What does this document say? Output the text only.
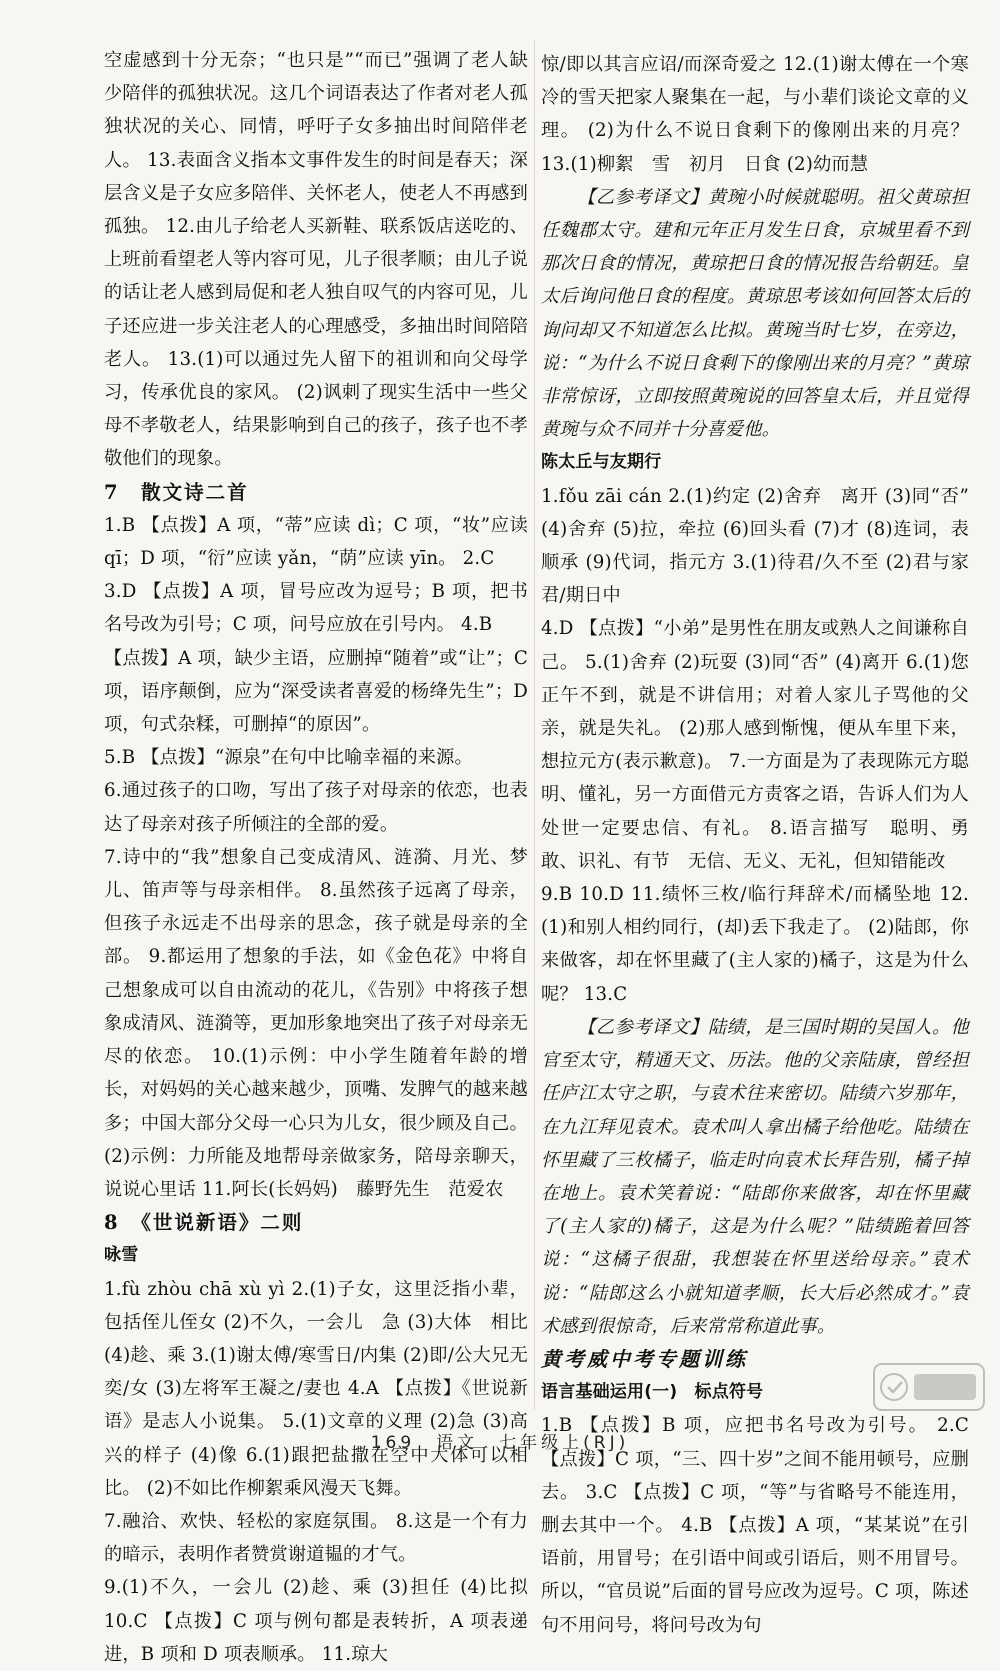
空虚感到十分无奈；“也只是”“而已”强调了老人缺少陪伴的孤独状况。这几个词语表达了作者对老人孤独状况的关心、同情，呼吁子女多抽出时间陪伴老人。 13.表面含义指本文事件发生的时间是春天；深层含义是子女应多陪伴、关怀老人，使老人不再感到孤独。 12.由儿子给老人买新鞋、联系饭店送吃的、上班前看望老人等内容可见，儿子很孝顺；由儿子说的话让老人感到局促和老人独自叹气的内容可见，儿子还应进一步关注老人的心理感受，多抽出时间陪陪老人。 13.(1)可以通过先人留下的祖训和向父母学习，传承优良的家风。 (2)讽刺了现实生活中一些父母不孝敬老人，结果影响到自己的孩子，孩子也不孝敬他们的现象。

7　散文诗二首

1.B 【点拨】A 项，“蒂”应读 dì；C 项，“妆”应读 qī；D 项，“衍”应读 yǎn，“荫”应读 yīn。 2.C

3.D 【点拨】A 项，冒号应改为逗号；B 项，把书名号改为引号；C 项，问号应放在引号内。 4.B

【点拨】A 项，缺少主语，应删掉“随着”或“让”；C 项，语序颠倒，应为“深受读者喜爱的杨绛先生”；D 项，句式杂糅，可删掉“的原因”。

5.B 【点拨】“源泉”在句中比喻幸福的来源。

6.通过孩子的口吻，写出了孩子对母亲的依恋，也表达了母亲对孩子所倾注的全部的爱。

7.诗中的“我”想象自己变成清风、涟漪、月光、梦儿、笛声等与母亲相伴。 8.虽然孩子远离了母亲，但孩子永远走不出母亲的思念，孩子就是母亲的全部。 9.都运用了想象的手法，如《金色花》中将自己想象成可以自由流动的花儿，《告别》中将孩子想象成清风、涟漪等，更加形象地突出了孩子对母亲无尽的依恋。 10.(1)示例：中小学生随着年龄的增长，对妈妈的关心越来越少，顶嘴、发脾气的越来越多；中国大部分父母一心只为儿女，很少顾及自己。 (2)示例：力所能及地帮母亲做家务，陪母亲聊天，说说心里话 11.阿长(长妈妈)　藤野先生　范爱农

8　《世说新语》二则

咏雪

1.fù zhòu chā xù yì 2.(1)子女，这里泛指小辈，包括侄儿侄女 (2)不久，一会儿　急 (3)大体　相比 (4)趁、乘 3.(1)谢太傅/寒雪日/内集 (2)即/公大兄无奕/女 (3)左将军王凝之/妻也 4.A 【点拨】《世说新语》是志人小说集。 5.(1)文章的义理 (2)急 (3)高兴的样子 (4)像 6.(1)跟把盐撒在空中大体可以相比。 (2)不如比作柳絮乘风漫天飞舞。

7.融洽、欢快、轻松的家庭氛围。 8.这是一个有力的暗示，表明作者赞赏谢道韫的才气。

9.(1)不久，一会儿 (2)趁、乘 (3)担任 (4)比拟 10.C 【点拨】C 项与例句都是表转折，A 项表递进，B 项和 D 项表顺承。 11.琼大

惊/即以其言应诏/而深奇爱之 12.(1)谢太傅在一个寒冷的雪天把家人聚集在一起，与小辈们谈论文章的义理。 (2)为什么不说日食剩下的像刚出来的月亮？ 13.(1)柳絮　雪　初月　日食 (2)幼而慧

【乙参考译文】黄琬小时候就聪明。祖父黄琼担任魏郡太守。建和元年正月发生日食，京城里看不到那次日食的情况，黄琼把日食的情况报告给朝廷。皇太后询问他日食的程度。黄琼思考该如何回答太后的询问却又不知道怎么比拟。黄琬当时七岁，在旁边，说：“为什么不说日食剩下的像刚出来的月亮？”黄琼非常惊讶，立即按照黄琬说的回答皇太后，并且觉得黄琬与众不同并十分喜爱他。

陈太丘与友期行

1.fǒu zāi cán 2.(1)约定 (2)舍弃　离开 (3)同“否” (4)舍弃 (5)拉，牵拉 (6)回头看 (7)才 (8)连词，表顺承 (9)代词，指元方 3.(1)待君/久不至 (2)君与家君/期日中

4.D 【点拨】“小弟”是男性在朋友或熟人之间谦称自己。 5.(1)舍弃 (2)玩耍 (3)同“否” (4)离开 6.(1)您正午不到，就是不讲信用；对着人家儿子骂他的父亲，就是失礼。 (2)那人感到惭愧，便从车里下来，想拉元方(表示歉意)。 7.一方面是为了表现陈元方聪明、懂礼，另一方面借元方责客之语，告诉人们为人处世一定要忠信、有礼。 8.语言描写　聪明、勇敢、识礼、有节　无信、无义、无礼，但知错能改

9.B 10.D 11.绩怀三枚/临行拜辞术/而橘坠地 12.(1)和别人相约同行，(却)丢下我走了。 (2)陆郎，你来做客，却在怀里藏了(主人家的)橘子，这是为什么呢？ 13.C

【乙参考译文】陆绩，是三国时期的吴国人。他官至太守，精通天文、历法。他的父亲陆康，曾经担任庐江太守之职，与袁术往来密切。陆绩六岁那年，在九江拜见袁术。袁术叫人拿出橘子给他吃。陆绩在怀里藏了三枚橘子，临走时向袁术长拜告别，橘子掉在地上。袁术笑着说：“陆郎你来做客，却在怀里藏了(主人家的)橘子，这是为什么呢？”陆绩跪着回答说：“这橘子很甜，我想装在怀里送给母亲。”袁术说：“陆郎这么小就知道孝顺，长大后必然成才。”袁术感到很惊奇，后来常常称道此事。

黄考威中考专题训练

语言基础运用(一)　标点符号

1.B 【点拨】B 项，应把书名号改为引号。 2.C 【点拨】C 项，“三、四十岁”之间不能用顿号，应删去。 3.C 【点拨】C 项，“等”与省略号不能连用，删去其中一个。 4.B 【点拨】A 项，“某某说”在引语前，用冒号；在引语中间或引语后，则不用冒号。所以，“官员说”后面的冒号应改为逗号。C 项，陈述句不用问号，将问号改为句

169　语文　七年级上(RJ)
